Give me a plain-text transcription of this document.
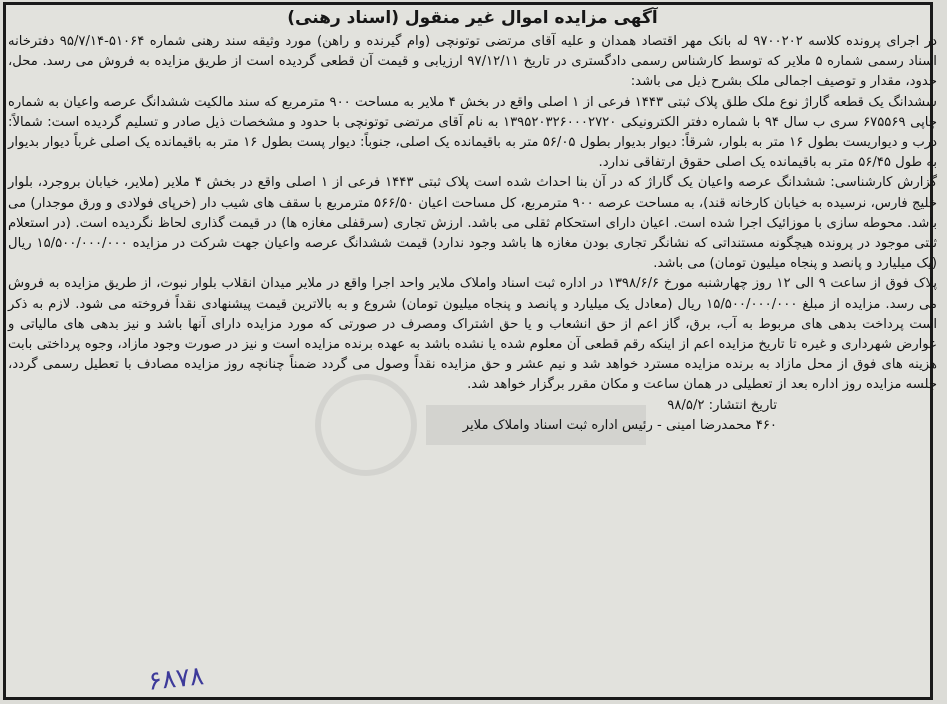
آگهی مزایده اموال غیر منقول (اسناد رهنی)

در اجرای پرونده کلاسه ۹۷۰۰۲۰۲ له بانک مهر اقتصاد همدان و علیه آقای مرتضی توتونچی (وام گیرنده و راهن) مورد وثیقه سند رهنی شماره ۵۱۰۶۴-۹۵/۷/۱۴ دفترخانه اسناد رسمی شماره ۵ ملایر که توسط کارشناس رسمی دادگستری در تاریخ ۹۷/۱۲/۱۱ ارزیابی و قیمت آن قطعی گردیده است از طریق مزایده به فروش می رسد. محل، حدود، مقدار و توصیف اجمالی ملک بشرح ذیل می باشد:

ششدانگ یک قطعه گاراژ نوع ملک طلق پلاک ثبتی ۱۴۴۳ فرعی از ۱ اصلی واقع در بخش ۴ ملایر به مساحت ۹۰۰ مترمربع که سند مالکیت ششدانگ عرصه واعیان به شماره چاپی ۶۷۵۵۶۹ سری ب سال ۹۴ با شماره دفتر الکترونیکی ۱۳۹۵۲۰۳۲۶۰۰۰۲۷۲۰ به نام آقای مرتضی توتونچی با حدود و مشخصات ذیل صادر و تسلیم گردیده است: شمالاً: درب و دیواریست بطول ۱۶ متر به بلوار، شرقاً: دیوار بدیوار بطول ۵۶/۰۵ متر به باقیمانده یک اصلی، جنوباً: دیوار پست بطول ۱۶ متر به باقیمانده یک اصلی غرباً دیوار بدیوار به طول ۵۶/۴۵ متر به باقیمانده یک اصلی حقوق ارتفاقی ندارد.

گزارش کارشناسی: ششدانگ عرصه واعیان یک گاراژ که در آن بنا احداث شده است پلاک ثبتی ۱۴۴۳ فرعی از ۱ اصلی واقع در بخش ۴ ملایر (ملایر، خیابان بروجرد، بلوار خلیج فارس، نرسیده به خیابان کارخانه قند)، به مساحت عرصه ۹۰۰ مترمربع، کل مساحت اعیان ۵۶۶/۵۰ مترمربع با سقف های شیب دار (خرپای فولادی و ورق موجدار) می باشد. محوطه سازی با موزائیک اجرا شده است. اعیان دارای استحکام ثقلی می باشد. ارزش تجاری (سرقفلی مغازه ها) در قیمت گذاری لحاظ نگردیده است. (در استعلام ثبتی موجود در پرونده هیچگونه مستنداتی که نشانگر تجاری بودن مغازه ها باشد وجود ندارد) قیمت ششدانگ عرصه واعیان جهت شرکت در مزایده ۱۵/۵۰۰/۰۰۰/۰۰۰ ریال (یک میلیارد و پانصد و پنجاه میلیون تومان) می باشد.

پلاک فوق از ساعت ۹ الی ۱۲ روز چهارشنبه مورخ ۱۳۹۸/۶/۶ در اداره ثبت اسناد واملاک ملایر واحد اجرا واقع در ملایر میدان انقلاب بلوار نبوت، از طریق مزایده به فروش می رسد. مزایده از مبلغ ۱۵/۵۰۰/۰۰۰/۰۰۰ ریال (معادل یک میلیارد و پانصد و پنجاه میلیون تومان) شروع و به بالاترین قیمت پیشنهادی نقداً فروخته می شود. لازم به ذکر است پرداخت بدهی های مربوط به آب، برق، گاز اعم از حق انشعاب و یا حق اشتراک ومصرف در صورتی که مورد مزایده دارای آنها باشد و نیز بدهی های مالیاتی و عوارض شهرداری و غیره تا تاریخ مزایده اعم از اینکه رقم قطعی آن معلوم شده یا نشده باشد به عهده برنده مزایده است و نیز در صورت وجود مازاد، وجوه پرداختی بابت هزینه های فوق از محل مازاد به برنده مزایده مسترد خواهد شد و نیم عشر و حق مزایده نقداً وصول می گردد ضمناً چنانچه روز مزایده مصادف با تعطیل رسمی گردد، جلسه مزایده روز اداره بعد از تعطیلی در همان ساعت و مکان مقرر برگزار خواهد شد.

تاریخ انتشار: ۹۸/۵/۲

۴۶۰ محمدرضا امینی - رئیس اداره ثبت اسناد واملاک ملایر

۶۸۷۸
